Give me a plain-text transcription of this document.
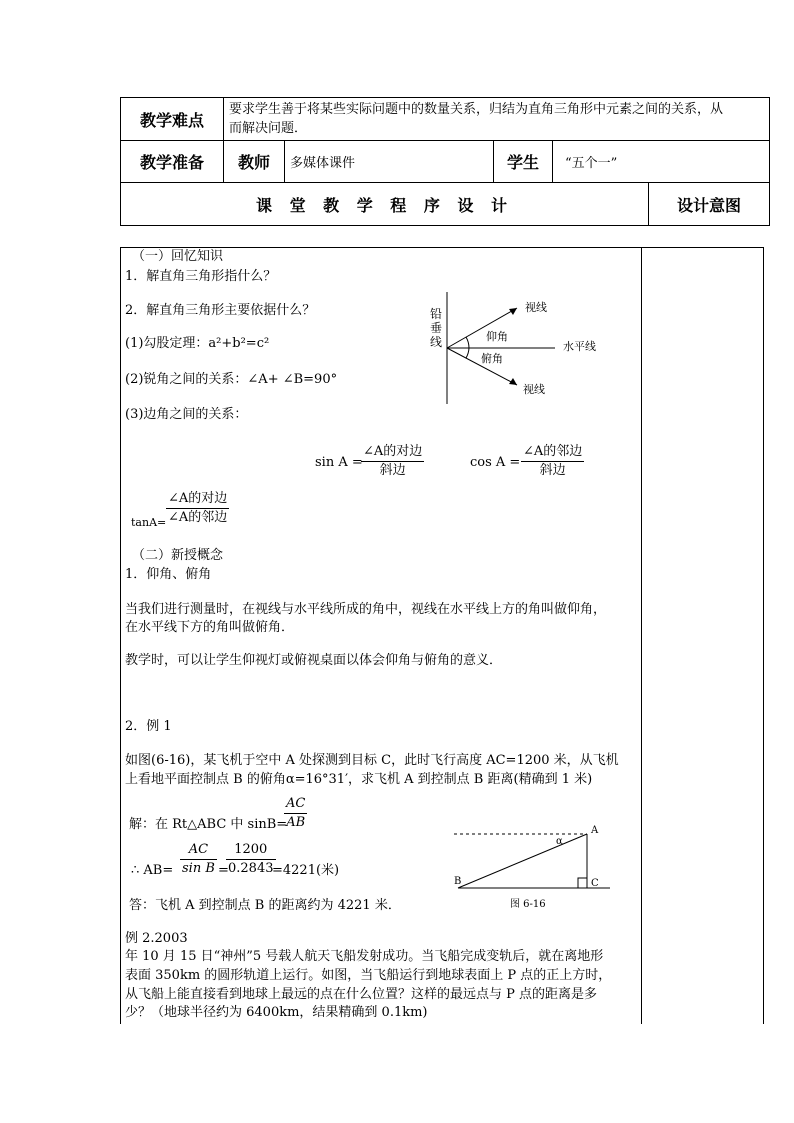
教学难点	要求学生善于将某些实际问题中的数量关系，归结为直角三角形中元素之间的关系，从
而解决问题．				

教学准备	教师	多媒体课件	学生	“五个一”	
课 堂 教 学 程 序 设 计					设计意图
（一）回忆知识
1．解直角三角形指什么？
2．解直角三角形主要依据什么？
(1)勾股定理：a²+b²=c²
(2)锐角之间的关系：∠A+ ∠B=90°
(3)边角之间的关系：
sin A =
∠A的对边
斜边
cos A =
∠A的邻边
斜边
tanA=
∠A的对边
∠A的邻边
铅
垂
线
视线
仰角
水平线
俯角
视线
（二）新授概念
1．仰角、俯角
当我们进行测量时，在视线与水平线所成的角中，视线在水平线上方的角叫做仰角，
在水平线下方的角叫做俯角．
教学时，可以让学生仰视灯或俯视桌面以体会仰角与俯角的意义．
2．例 1
如图(6-16)，某飞机于空中 A 处探测到目标 C，此时飞行高度 AC=1200 米，从飞机
上看地平面控制点 B 的俯角α=16°31′，求飞机 A 到控制点 B 距离(精确到 1 米)
解：在 Rt△ABC 中 sinB=
$\frac{AC}{AB}$
∴ $AB= \frac{AC}{\text{sin B}}$ =
$\frac{1200}{0.2843}$
=4221(米)
答：飞机 A 到控制点 B 的距离约为 4221 米．
A
α
C
B
图 6-16
例 2.2003
年 10 月 15 日“神州”5 号载人航天飞船发射成功。当飞船完成变轨后，就在离地形
表面 350km 的圆形轨道上运行。如图，当飞船运行到地球表面上 P 点的正上方时，
从飞船上能直接看到地球上最远的点在什么位置？这样的最远点与 P 点的距离是多
少？（地球半径约为 6400km，结果精确到 0.1km)
